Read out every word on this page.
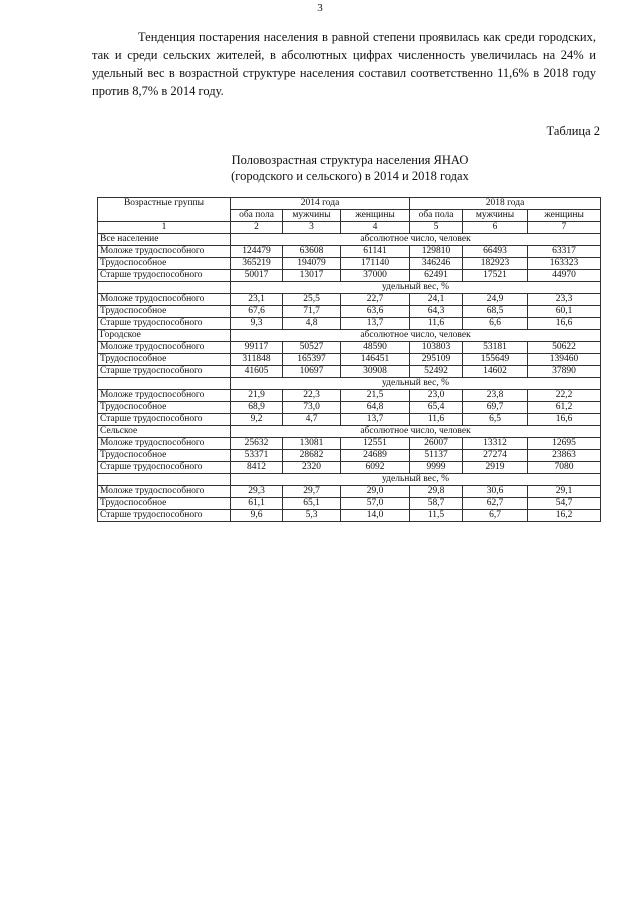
3

Тенденция постарения населения в равной степени проявилась как среди городских, так и среди сельских жителей, в абсолютных цифрах численность увеличилась на 24% и удельный вес в возрастной структуре населения составил соответственно 11,6% в 2018 году против 8,7% в 2014 году.

Таблица 2
Половозрастная структура населения ЯНАО
(городского и сельского) в 2014 и 2018 годах
Возрастные группы	2014 года			2018 года		
	оба пола	мужчины	женщины	оба пола	мужчины	женщины
1	2	3	4	5	6	7
Все население	абсолютное число, человек					
Моложе трудоспособного	124479	63608	61141	129810	66493	63317
Трудоспособное	365219	194079	171140	346246	182923	163323
Старше трудоспособного	50017	13017	37000	62491	17521	44970
	удельный вес, %					
Моложе трудоспособного	23,1	25,5	22,7	24,1	24,9	23,3
Трудоспособное	67,6	71,7	63,6	64,3	68,5	60,1
Старше трудоспособного	9,3	4,8	13,7	11,6	6,6	16,6
Городское	абсолютное число, человек					
Моложе трудоспособного	99117	50527	48590	103803	53181	50622
Трудоспособное	311848	165397	146451	295109	155649	139460
Старше трудоспособного	41605	10697	30908	52492	14602	37890
	удельный вес, %					
Моложе трудоспособного	21,9	22,3	21,5	23,0	23,8	22,2
Трудоспособное	68,9	73,0	64,8	65,4	69,7	61,2
Старше трудоспособного	9,2	4,7	13,7	11,6	6,5	16,6
Сельское	абсолютное число, человек					
Моложе трудоспособного	25632	13081	12551	26007	13312	12695
Трудоспособное	53371	28682	24689	51137	27274	23863
Старше трудоспособного	8412	2320	6092	9999	2919	7080
	удельный вес, %					
Моложе трудоспособного	29,3	29,7	29,0	29,8	30,6	29,1
Трудоспособное	61,1	65,1	57,0	58,7	62,7	54,7
Старше трудоспособного	9,6	5,3	14,0	11,5	6,7	16,2
